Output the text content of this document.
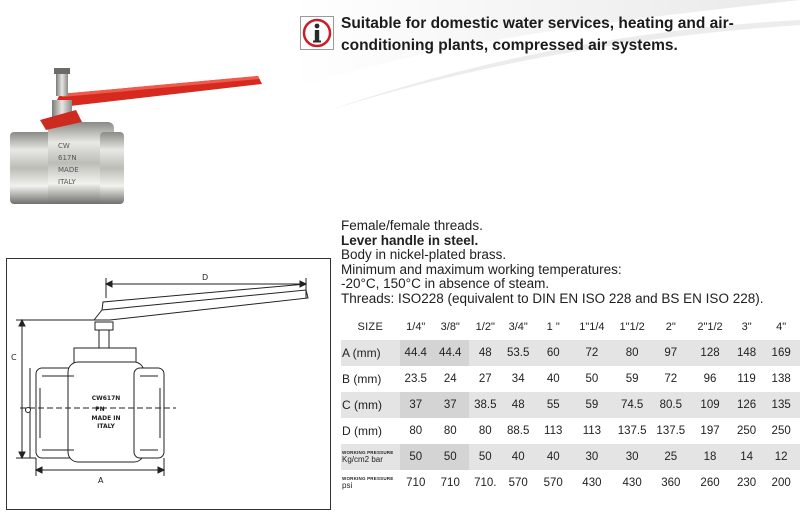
Suitable for domestic water services, heating and air-conditioning plants, compressed air systems.

CW
617N
MADE
ITALY
D
C
A
CW617N
PN
MADE IN
ITALY
Female/female threads.
Lever handle in steel.
Body in nickel-plated brass.
Minimum and maximum working temperatures:
-20°C, 150°C in absence of steam.
Threads: ISO228 (equivalent to DIN EN ISO 228 and BS EN ISO 228).
SIZE	1/4"	3/8"	1/2"	3/4"	1 "	1"1/4	1"1/2	2"	2"1/2	3"	4"
A (mm)	44.4	44.4	48	53.5	60	72	80	97	128	148	169
B (mm)	23.5	24	27	34	40	50	59	72	96	119	138
C (mm)	37	37	38.5	48	55	59	74.5	80.5	109	126	135
D (mm)	80	80	80	88.5	113	113	137.5	137.5	197	250	250

WORKING PRESSURE
Kg/cm2 bar	50	50	50	40	40	30	30	25	18	14	12

WORKING PRESSURE
psi	710	710	710.	570	570	430	430	360	260	230	200
